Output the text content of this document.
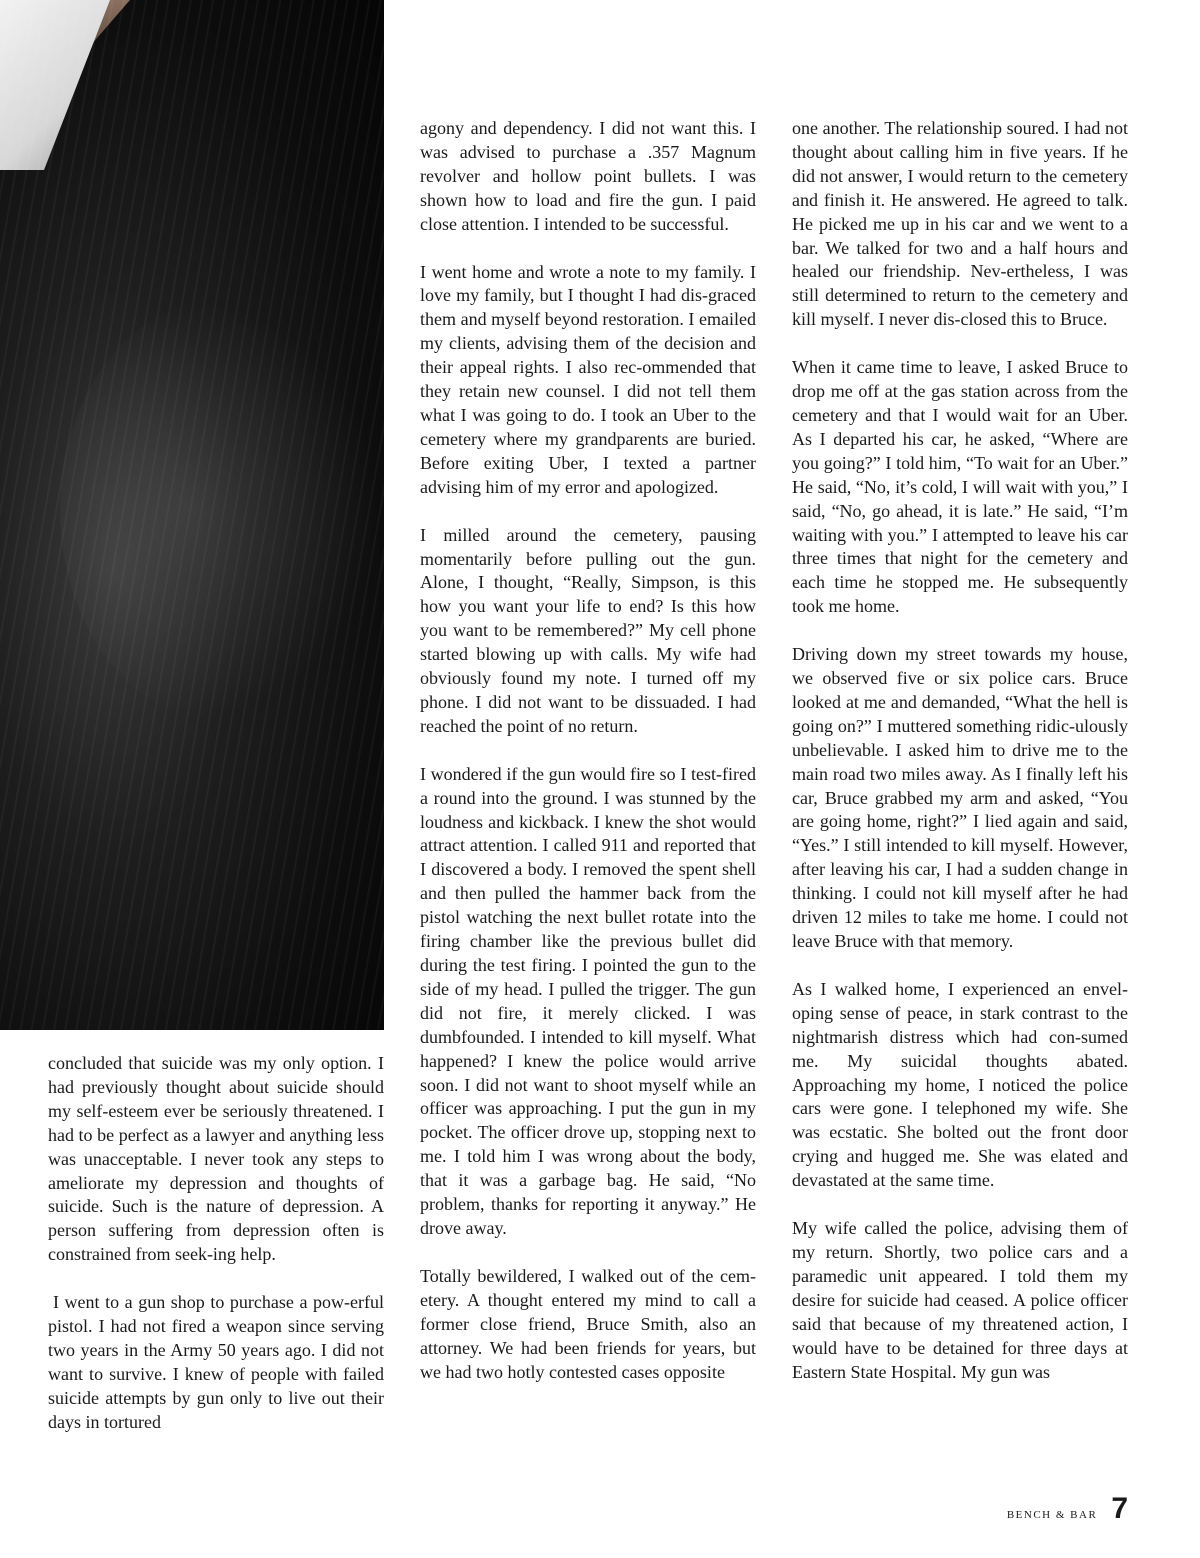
concluded that suicide was my only option. I had previously thought about suicide should my self-esteem ever be seriously threatened. I had to be perfect as a lawyer and anything less was unacceptable. I never took any steps to ameliorate my depression and thoughts of suicide. Such is the nature of depression. A person suffering from depression often is constrained from seek-ing help.

I went to a gun shop to purchase a pow-erful pistol. I had not fired a weapon since serving two years in the Army 50 years ago. I did not want to survive. I knew of people with failed suicide attempts by gun only to live out their days in tortured

agony and dependency. I did not want this. I was advised to purchase a .357 Magnum revolver and hollow point bullets. I was shown how to load and fire the gun. I paid close attention. I intended to be successful.

I went home and wrote a note to my family. I love my family, but I thought I had dis-graced them and myself beyond restoration. I emailed my clients, advising them of the decision and their appeal rights. I also rec-ommended that they retain new counsel. I did not tell them what I was going to do. I took an Uber to the cemetery where my grandparents are buried. Before exiting Uber, I texted a partner advising him of my error and apologized.

I milled around the cemetery, pausing momentarily before pulling out the gun. Alone, I thought, “Really, Simpson, is this how you want your life to end? Is this how you want to be remembered?” My cell phone started blowing up with calls. My wife had obviously found my note. I turned off my phone. I did not want to be dissuaded. I had reached the point of no return.

I wondered if the gun would fire so I test-fired a round into the ground. I was stunned by the loudness and kickback. I knew the shot would attract attention. I called 911 and reported that I discovered a body. I removed the spent shell and then pulled the hammer back from the pistol watching the next bullet rotate into the firing chamber like the previous bullet did during the test firing. I pointed the gun to the side of my head. I pulled the trigger. The gun did not fire, it merely clicked. I was dumbfounded. I intended to kill myself. What happened? I knew the police would arrive soon. I did not want to shoot myself while an officer was approaching. I put the gun in my pocket. The officer drove up, stopping next to me. I told him I was wrong about the body, that it was a garbage bag. He said, “No problem, thanks for reporting it anyway.” He drove away.

Totally bewildered, I walked out of the cem-etery. A thought entered my mind to call a former close friend, Bruce Smith, also an attorney. We had been friends for years, but we had two hotly contested cases opposite

one another. The relationship soured. I had not thought about calling him in five years. If he did not answer, I would return to the cemetery and finish it. He answered. He agreed to talk. He picked me up in his car and we went to a bar. We talked for two and a half hours and healed our friendship. Nev-ertheless, I was still determined to return to the cemetery and kill myself. I never dis-closed this to Bruce.

When it came time to leave, I asked Bruce to drop me off at the gas station across from the cemetery and that I would wait for an Uber. As I departed his car, he asked, “Where are you going?” I told him, “To wait for an Uber.” He said, “No, it’s cold, I will wait with you,” I said, “No, go ahead, it is late.” He said, “I’m waiting with you.” I attempted to leave his car three times that night for the cemetery and each time he stopped me. He subsequently took me home.

Driving down my street towards my house, we observed five or six police cars. Bruce looked at me and demanded, “What the hell is going on?” I muttered something ridic-ulously unbelievable. I asked him to drive me to the main road two miles away. As I finally left his car, Bruce grabbed my arm and asked, “You are going home, right?” I lied again and said, “Yes.” I still intended to kill myself. However, after leaving his car, I had a sudden change in thinking. I could not kill myself after he had driven 12 miles to take me home. I could not leave Bruce with that memory.

As I walked home, I experienced an envel-oping sense of peace, in stark contrast to the nightmarish distress which had con-sumed me. My suicidal thoughts abated. Approaching my home, I noticed the police cars were gone. I telephoned my wife. She was ecstatic. She bolted out the front door crying and hugged me. She was elated and devastated at the same time.

My wife called the police, advising them of my return. Shortly, two police cars and a paramedic unit appeared. I told them my desire for suicide had ceased. A police officer said that because of my threatened action, I would have to be detained for three days at Eastern State Hospital. My gun was

BENCH & BAR 7
